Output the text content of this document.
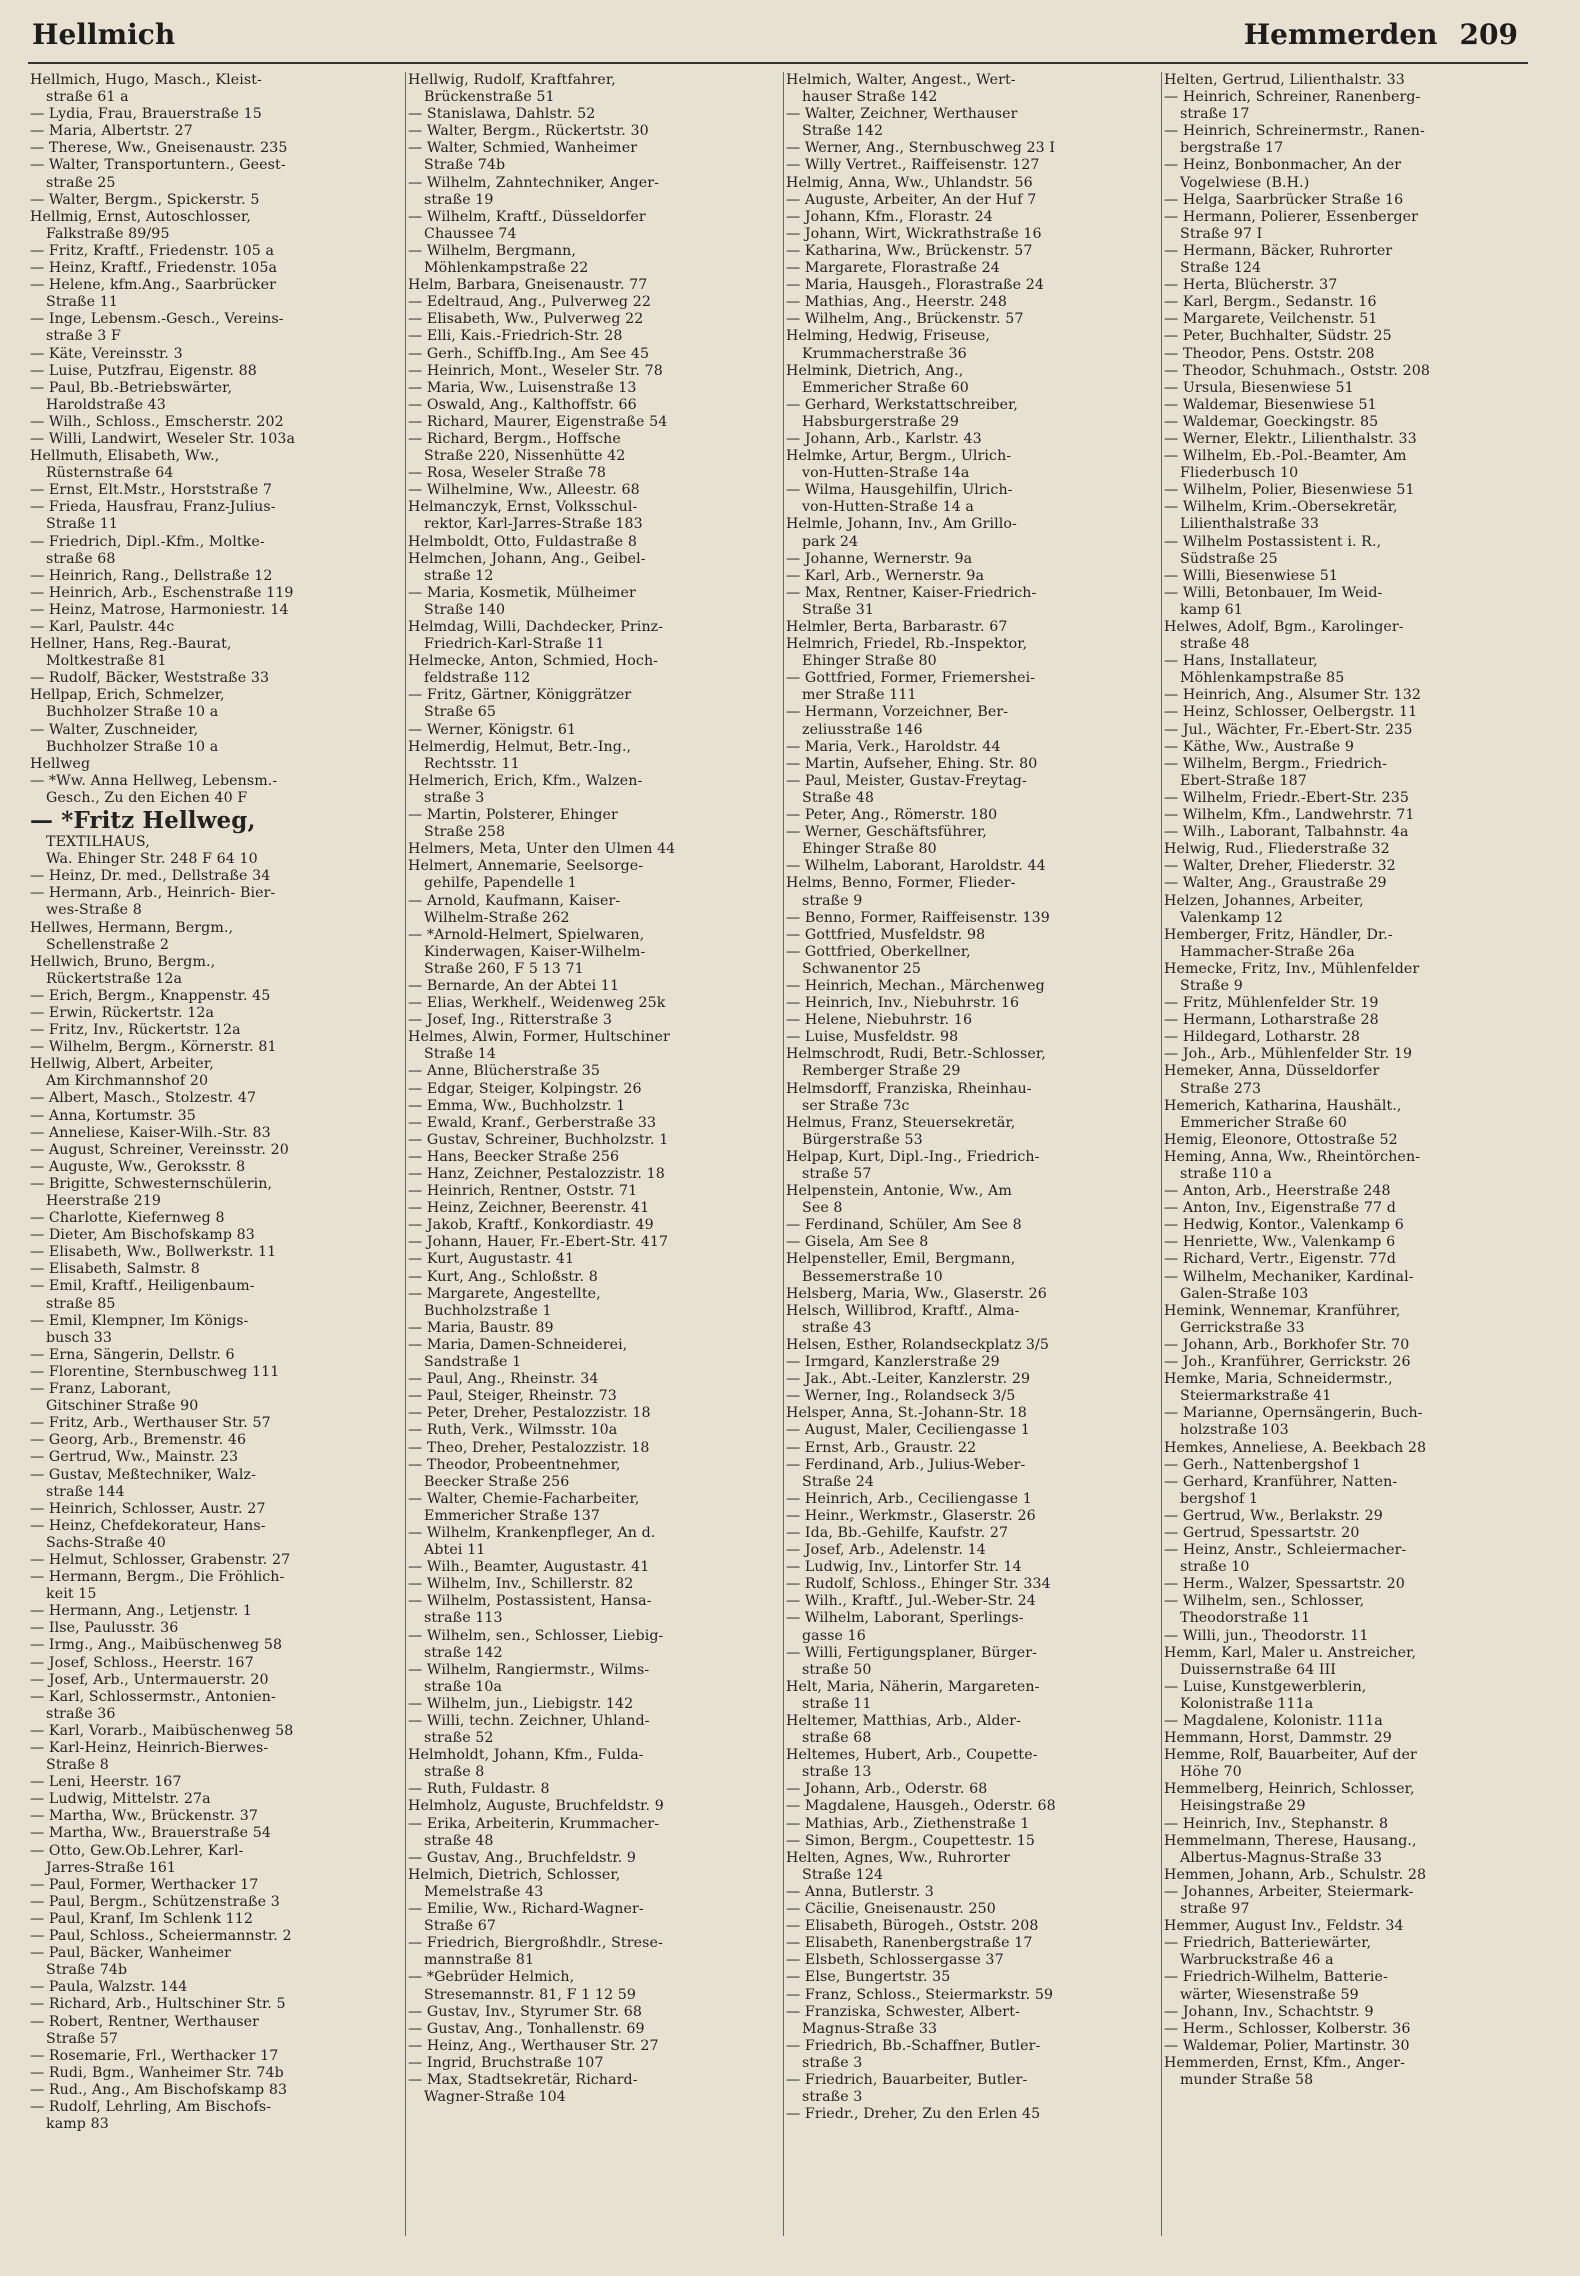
Hellmich	Hemmerden 209
Hellmich, Hugo, Masch., Kleist-
straße 61 a
— Lydia, Frau, Brauerstraße 15
— Maria, Albertstr. 27
— Therese, Ww., Gneisenaustr. 235
— Walter, Transportuntern., Geest-
straße 25
— Walter, Bergm., Spickerstr. 5
Hellmig, Ernst, Autoschlosser,
Falkstraße 89/95
— Fritz, Kraftf., Friedenstr. 105 a
— Heinz, Kraftf., Friedenstr. 105a
— Helene, kfm.Ang., Saarbrücker
Straße 11
— Inge, Lebensm.-Gesch., Vereins-
straße 3 F
— Käte, Vereinsstr. 3
— Luise, Putzfrau, Eigenstr. 88
— Paul, Bb.-Betriebswärter,
Haroldstraße 43
— Wilh., Schloss., Emscherstr. 202
— Willi, Landwirt, Weseler Str. 103a
Hellmuth, Elisabeth, Ww.,
Rüsternstraße 64
— Ernst, Elt.Mstr., Horststraße 7
— Frieda, Hausfrau, Franz-Julius-
Straße 11
— Friedrich, Dipl.-Kfm., Moltke-
straße 68
— Heinrich, Rang., Dellstraße 12
— Heinrich, Arb., Eschenstraße 119
— Heinz, Matrose, Harmoniestr. 14
— Karl, Paulstr. 44c
Hellner, Hans, Reg.-Baurat,
Moltkestraße 81
— Rudolf, Bäcker, Weststraße 33
Hellpap, Erich, Schmelzer,
Buchholzer Straße 10 a
— Walter, Zuschneider,
Buchholzer Straße 10 a
Hellweg
— *Ww. Anna Hellweg, Lebensm.-
Gesch., Zu den Eichen 40 F
— *Fritz Hellweg,
TEXTILHAUS,
Wa. Ehinger Str. 248 F 64 10
— Heinz, Dr. med., Dellstraße 34
— Hermann, Arb., Heinrich- Bier-
wes-Straße 8
Hellwes, Hermann, Bergm.,
Schellenstraße 2
Hellwich, Bruno, Bergm.,
Rückertstraße 12a
— Erich, Bergm., Knappenstr. 45
— Erwin, Rückertstr. 12a
— Fritz, Inv., Rückertstr. 12a
— Wilhelm, Bergm., Körnerstr. 81
Hellwig, Albert, Arbeiter,
Am Kirchmannshof 20
— Albert, Masch., Stolzestr. 47
— Anna, Kortumstr. 35
— Anneliese, Kaiser-Wilh.-Str. 83
— August, Schreiner, Vereinsstr. 20
— Auguste, Ww., Geroksstr. 8
— Brigitte, Schwesternschülerin,
Heerstraße 219
— Charlotte, Kiefernweg 8
— Dieter, Am Bischofskamp 83
— Elisabeth, Ww., Bollwerkstr. 11
— Elisabeth, Salmstr. 8
— Emil, Kraftf., Heiligenbaum-
straße 85
— Emil, Klempner, Im Königs-
busch 33
— Erna, Sängerin, Dellstr. 6
— Florentine, Sternbuschweg 111
— Franz, Laborant,
Gitschiner Straße 90
— Fritz, Arb., Werthauser Str. 57
— Georg, Arb., Bremenstr. 46
— Gertrud, Ww., Mainstr. 23
— Gustav, Meßtechniker, Walz-
straße 144
— Heinrich, Schlosser, Austr. 27
— Heinz, Chefdekorateur, Hans-
Sachs-Straße 40
— Helmut, Schlosser, Grabenstr. 27
— Hermann, Bergm., Die Fröhlich-
keit 15
— Hermann, Ang., Letjenstr. 1
— Ilse, Paulusstr. 36
— Irmg., Ang., Maibüschenweg 58
— Josef, Schloss., Heerstr. 167
— Josef, Arb., Untermauerstr. 20
— Karl, Schlossermstr., Antonien-
straße 36
— Karl, Vorarb., Maibüschenweg 58
— Karl-Heinz, Heinrich-Bierwes-
Straße 8
— Leni, Heerstr. 167
— Ludwig, Mittelstr. 27a
— Martha, Ww., Brückenstr. 37
— Martha, Ww., Brauerstraße 54
— Otto, Gew.Ob.Lehrer, Karl-
Jarres-Straße 161
— Paul, Former, Werthacker 17
— Paul, Bergm., Schützenstraße 3
— Paul, Kranf, Im Schlenk 112
— Paul, Schloss., Scheiermannstr. 2
— Paul, Bäcker, Wanheimer
Straße 74b
— Paula, Walzstr. 144
— Richard, Arb., Hultschiner Str. 5
— Robert, Rentner, Werthauser
Straße 57
— Rosemarie, Frl., Werthacker 17
— Rudi, Bgm., Wanheimer Str. 74b
— Rud., Ang., Am Bischofskamp 83
— Rudolf, Lehrling, Am Bischofs-
kamp 83
Hellwig, Rudolf, Kraftfahrer,
Brückenstraße 51
— Stanislawa, Dahlstr. 52
— Walter, Bergm., Rückertstr. 30
— Walter, Schmied, Wanheimer
Straße 74b
— Wilhelm, Zahntechniker, Anger-
straße 19
— Wilhelm, Kraftf., Düsseldorfer
Chaussee 74
— Wilhelm, Bergmann,
Möhlenkampstraße 22
Helm, Barbara, Gneisenaustr. 77
— Edeltraud, Ang., Pulverweg 22
— Elisabeth, Ww., Pulverweg 22
— Elli, Kais.-Friedrich-Str. 28
— Gerh., Schiffb.Ing., Am See 45
— Heinrich, Mont., Weseler Str. 78
— Maria, Ww., Luisenstraße 13
— Oswald, Ang., Kalthoffstr. 66
— Richard, Maurer, Eigenstraße 54
— Richard, Bergm., Hoffsche
Straße 220, Nissenhütte 42
— Rosa, Weseler Straße 78
— Wilhelmine, Ww., Alleestr. 68
Helmanczyk, Ernst, Volksschul-
rektor, Karl-Jarres-Straße 183
Helmboldt, Otto, Fuldastraße 8
Helmchen, Johann, Ang., Geibel-
straße 12
— Maria, Kosmetik, Mülheimer
Straße 140
Helmdag, Willi, Dachdecker, Prinz-
Friedrich-Karl-Straße 11
Helmecke, Anton, Schmied, Hoch-
feldstraße 112
— Fritz, Gärtner, Königgrätzer
Straße 65
— Werner, Königstr. 61
Helmerdig, Helmut, Betr.-Ing.,
Rechtsstr. 11
Helmerich, Erich, Kfm., Walzen-
straße 3
— Martin, Polsterer, Ehinger
Straße 258
Helmers, Meta, Unter den Ulmen 44
Helmert, Annemarie, Seelsorge-
gehilfe, Papendelle 1
— Arnold, Kaufmann, Kaiser-
Wilhelm-Straße 262
— *Arnold-Helmert, Spielwaren,
Kinderwagen, Kaiser-Wilhelm-
Straße 260, F 5 13 71
— Bernarde, An der Abtei 11
— Elias, Werkhelf., Weidenweg 25k
— Josef, Ing., Ritterstraße 3
Helmes, Alwin, Former, Hultschiner
Straße 14
— Anne, Blücherstraße 35
— Edgar, Steiger, Kolpingstr. 26
— Emma, Ww., Buchholzstr. 1
— Ewald, Kranf., Gerberstraße 33
— Gustav, Schreiner, Buchholzstr. 1
— Hans, Beecker Straße 256
— Hanz, Zeichner, Pestalozzistr. 18
— Heinrich, Rentner, Oststr. 71
— Heinz, Zeichner, Beerenstr. 41
— Jakob, Kraftf., Konkordiastr. 49
— Johann, Hauer, Fr.-Ebert-Str. 417
— Kurt, Augustastr. 41
— Kurt, Ang., Schloßstr. 8
— Margarete, Angestellte,
Buchholzstraße 1
— Maria, Baustr. 89
— Maria, Damen-Schneiderei,
Sandstraße 1
— Paul, Ang., Rheinstr. 34
— Paul, Steiger, Rheinstr. 73
— Peter, Dreher, Pestalozzistr. 18
— Ruth, Verk., Wilmsstr. 10a
— Theo, Dreher, Pestalozzistr. 18
— Theodor, Probeentnehmer,
Beecker Straße 256
— Walter, Chemie-Facharbeiter,
Emmericher Straße 137
— Wilhelm, Krankenpfleger, An d.
Abtei 11
— Wilh., Beamter, Augustastr. 41
— Wilhelm, Inv., Schillerstr. 82
— Wilhelm, Postassistent, Hansa-
straße 113
— Wilhelm, sen., Schlosser, Liebig-
straße 142
— Wilhelm, Rangiermstr., Wilms-
straße 10a
— Wilhelm, jun., Liebigstr. 142
— Willi, techn. Zeichner, Uhland-
straße 52
Helmholdt, Johann, Kfm., Fulda-
straße 8
— Ruth, Fuldastr. 8
Helmholz, Auguste, Bruchfeldstr. 9
— Erika, Arbeiterin, Krummacher-
straße 48
— Gustav, Ang., Bruchfeldstr. 9
Helmich, Dietrich, Schlosser,
Memelstraße 43
— Emilie, Ww., Richard-Wagner-
Straße 67
— Friedrich, Biergroßhdlr., Strese-
mannstraße 81
— *Gebrüder Helmich,
Stresemannstr. 81, F 1 12 59
— Gustav, Inv., Styrumer Str. 68
— Gustav, Ang., Tonhallenstr. 69
— Heinz, Ang., Werthauser Str. 27
— Ingrid, Bruchstraße 107
— Max, Stadtsekretär, Richard-
Wagner-Straße 104
Helmich, Walter, Angest., Wert-
hauser Straße 142
— Walter, Zeichner, Werthauser
Straße 142
— Werner, Ang., Sternbuschweg 23 I
— Willy Vertret., Raiffeisenstr. 127
Helmig, Anna, Ww., Uhlandstr. 56
— Auguste, Arbeiter, An der Huf 7
— Johann, Kfm., Florastr. 24
— Johann, Wirt, Wickrathstraße 16
— Katharina, Ww., Brückenstr. 57
— Margarete, Florastraße 24
— Maria, Hausgeh., Florastraße 24
— Mathias, Ang., Heerstr. 248
— Wilhelm, Ang., Brückenstr. 57
Helming, Hedwig, Friseuse,
Krummacherstraße 36
Helmink, Dietrich, Ang.,
Emmericher Straße 60
— Gerhard, Werkstattschreiber,
Habsburgerstraße 29
— Johann, Arb., Karlstr. 43
Helmke, Artur, Bergm., Ulrich-
von-Hutten-Straße 14a
— Wilma, Hausgehilfin, Ulrich-
von-Hutten-Straße 14 a
Helmle, Johann, Inv., Am Grillo-
park 24
— Johanne, Wernerstr. 9a
— Karl, Arb., Wernerstr. 9a
— Max, Rentner, Kaiser-Friedrich-
Straße 31
Helmler, Berta, Barbarastr. 67
Helmrich, Friedel, Rb.-Inspektor,
Ehinger Straße 80
— Gottfried, Former, Friemershei-
mer Straße 111
— Hermann, Vorzeichner, Ber-
zeliusstraße 146
— Maria, Verk., Haroldstr. 44
— Martin, Aufseher, Ehing. Str. 80
— Paul, Meister, Gustav-Freytag-
Straße 48
— Peter, Ang., Römerstr. 180
— Werner, Geschäftsführer,
Ehinger Straße 80
— Wilhelm, Laborant, Haroldstr. 44
Helms, Benno, Former, Flieder-
straße 9
— Benno, Former, Raiffeisenstr. 139
— Gottfried, Musfeldstr. 98
— Gottfried, Oberkellner,
Schwanentor 25
— Heinrich, Mechan., Märchenweg
— Heinrich, Inv., Niebuhrstr. 16
— Helene, Niebuhrstr. 16
— Luise, Musfeldstr. 98
Helmschrodt, Rudi, Betr.-Schlosser,
Remberger Straße 29
Helmsdorff, Franziska, Rheinhau-
ser Straße 73c
Helmus, Franz, Steuersekretär,
Bürgerstraße 53
Helpap, Kurt, Dipl.-Ing., Friedrich-
straße 57
Helpenstein, Antonie, Ww., Am
See 8
— Ferdinand, Schüler, Am See 8
— Gisela, Am See 8
Helpensteller, Emil, Bergmann,
Bessemerstraße 10
Helsberg, Maria, Ww., Glaserstr. 26
Helsch, Willibrod, Kraftf., Alma-
straße 43
Helsen, Esther, Rolandseckplatz 3/5
— Irmgard, Kanzlerstraße 29
— Jak., Abt.-Leiter, Kanzlerstr. 29
— Werner, Ing., Rolandseck 3/5
Helsper, Anna, St.-Johann-Str. 18
— August, Maler, Ceciliengasse 1
— Ernst, Arb., Graustr. 22
— Ferdinand, Arb., Julius-Weber-
Straße 24
— Heinrich, Arb., Ceciliengasse 1
— Heinr., Werkmstr., Glaserstr. 26
— Ida, Bb.-Gehilfe, Kaufstr. 27
— Josef, Arb., Adelenstr. 14
— Ludwig, Inv., Lintorfer Str. 14
— Rudolf, Schloss., Ehinger Str. 334
— Wilh., Kraftf., Jul.-Weber-Str. 24
— Wilhelm, Laborant, Sperlings-
gasse 16
— Willi, Fertigungsplaner, Bürger-
straße 50
Helt, Maria, Näherin, Margareten-
straße 11
Heltemer, Matthias, Arb., Alder-
straße 68
Heltemes, Hubert, Arb., Coupette-
straße 13
— Johann, Arb., Oderstr. 68
— Magdalene, Hausgeh., Oderstr. 68
— Mathias, Arb., Ziethenstraße 1
— Simon, Bergm., Coupettestr. 15
Helten, Agnes, Ww., Ruhrorter
Straße 124
— Anna, Butlerstr. 3
— Cäcilie, Gneisenaustr. 250
— Elisabeth, Bürogeh., Oststr. 208
— Elisabeth, Ranenbergstraße 17
— Elsbeth, Schlossergasse 37
— Else, Bungertstr. 35
— Franz, Schloss., Steiermarkstr. 59
— Franziska, Schwester, Albert-
Magnus-Straße 33
— Friedrich, Bb.-Schaffner, Butler-
straße 3
— Friedrich, Bauarbeiter, Butler-
straße 3
— Friedr., Dreher, Zu den Erlen 45
Helten, Gertrud, Lilienthalstr. 33
— Heinrich, Schreiner, Ranenberg-
straße 17
— Heinrich, Schreinermstr., Ranen-
bergstraße 17
— Heinz, Bonbonmacher, An der
Vogelwiese (B.H.)
— Helga, Saarbrücker Straße 16
— Hermann, Polierer, Essenberger
Straße 97 I
— Hermann, Bäcker, Ruhrorter
Straße 124
— Herta, Blücherstr. 37
— Karl, Bergm., Sedanstr. 16
— Margarete, Veilchenstr. 51
— Peter, Buchhalter, Südstr. 25
— Theodor, Pens. Oststr. 208
— Theodor, Schuhmach., Oststr. 208
— Ursula, Biesenwiese 51
— Waldemar, Biesenwiese 51
— Waldemar, Goeckingstr. 85
— Werner, Elektr., Lilienthalstr. 33
— Wilhelm, Eb.-Pol.-Beamter, Am
Fliederbusch 10
— Wilhelm, Polier, Biesenwiese 51
— Wilhelm, Krim.-Obersekretär,
Lilienthalstraße 33
— Wilhelm Postassistent i. R.,
Südstraße 25
— Willi, Biesenwiese 51
— Willi, Betonbauer, Im Weid-
kamp 61
Helwes, Adolf, Bgm., Karolinger-
straße 48
— Hans, Installateur,
Möhlenkampstraße 85
— Heinrich, Ang., Alsumer Str. 132
— Heinz, Schlosser, Oelbergstr. 11
— Jul., Wächter, Fr.-Ebert-Str. 235
— Käthe, Ww., Austraße 9
— Wilhelm, Bergm., Friedrich-
Ebert-Straße 187
— Wilhelm, Friedr.-Ebert-Str. 235
— Wilhelm, Kfm., Landwehrstr. 71
— Wilh., Laborant, Talbahnstr. 4a
Helwig, Rud., Fliederstraße 32
— Walter, Dreher, Fliederstr. 32
— Walter, Ang., Graustraße 29
Helzen, Johannes, Arbeiter,
Valenkamp 12
Hemberger, Fritz, Händler, Dr.-
Hammacher-Straße 26a
Hemecke, Fritz, Inv., Mühlenfelder
Straße 9
— Fritz, Mühlenfelder Str. 19
— Hermann, Lotharstraße 28
— Hildegard, Lotharstr. 28
— Joh., Arb., Mühlenfelder Str. 19
Hemeker, Anna, Düsseldorfer
Straße 273
Hemerich, Katharina, Haushält.,
Emmericher Straße 60
Hemig, Eleonore, Ottostraße 52
Heming, Anna, Ww., Rheintörchen-
straße 110 a
— Anton, Arb., Heerstraße 248
— Anton, Inv., Eigenstraße 77 d
— Hedwig, Kontor., Valenkamp 6
— Henriette, Ww., Valenkamp 6
— Richard, Vertr., Eigenstr. 77d
— Wilhelm, Mechaniker, Kardinal-
Galen-Straße 103
Hemink, Wennemar, Kranführer,
Gerrickstraße 33
— Johann, Arb., Borkhofer Str. 70
— Joh., Kranführer, Gerrickstr. 26
Hemke, Maria, Schneidermstr.,
Steiermarkstraße 41
— Marianne, Opernsängerin, Buch-
holzstraße 103
Hemkes, Anneliese, A. Beekbach 28
— Gerh., Nattenbergshof 1
— Gerhard, Kranführer, Natten-
bergshof 1
— Gertrud, Ww., Berlakstr. 29
— Gertrud, Spessartstr. 20
— Heinz, Anstr., Schleiermacher-
straße 10
— Herm., Walzer, Spessartstr. 20
— Wilhelm, sen., Schlosser,
Theodorstraße 11
— Willi, jun., Theodorstr. 11
Hemm, Karl, Maler u. Anstreicher,
Duissernstraße 64 III
— Luise, Kunstgewerblerin,
Kolonistraße 111a
— Magdalene, Kolonistr. 111a
Hemmann, Horst, Dammstr. 29
Hemme, Rolf, Bauarbeiter, Auf der
Höhe 70
Hemmelberg, Heinrich, Schlosser,
Heisingstraße 29
— Heinrich, Inv., Stephanstr. 8
Hemmelmann, Therese, Hausang.,
Albertus-Magnus-Straße 33
Hemmen, Johann, Arb., Schulstr. 28
— Johannes, Arbeiter, Steiermark-
straße 97
Hemmer, August Inv., Feldstr. 34
— Friedrich, Batteriewärter,
Warbruckstraße 46 a
— Friedrich-Wilhelm, Batterie-
wärter, Wiesenstraße 59
— Johann, Inv., Schachtstr. 9
— Herm., Schlosser, Kolberstr. 36
— Waldemar, Polier, Martinstr. 30
Hemmerden, Ernst, Kfm., Anger-
munder Straße 58
